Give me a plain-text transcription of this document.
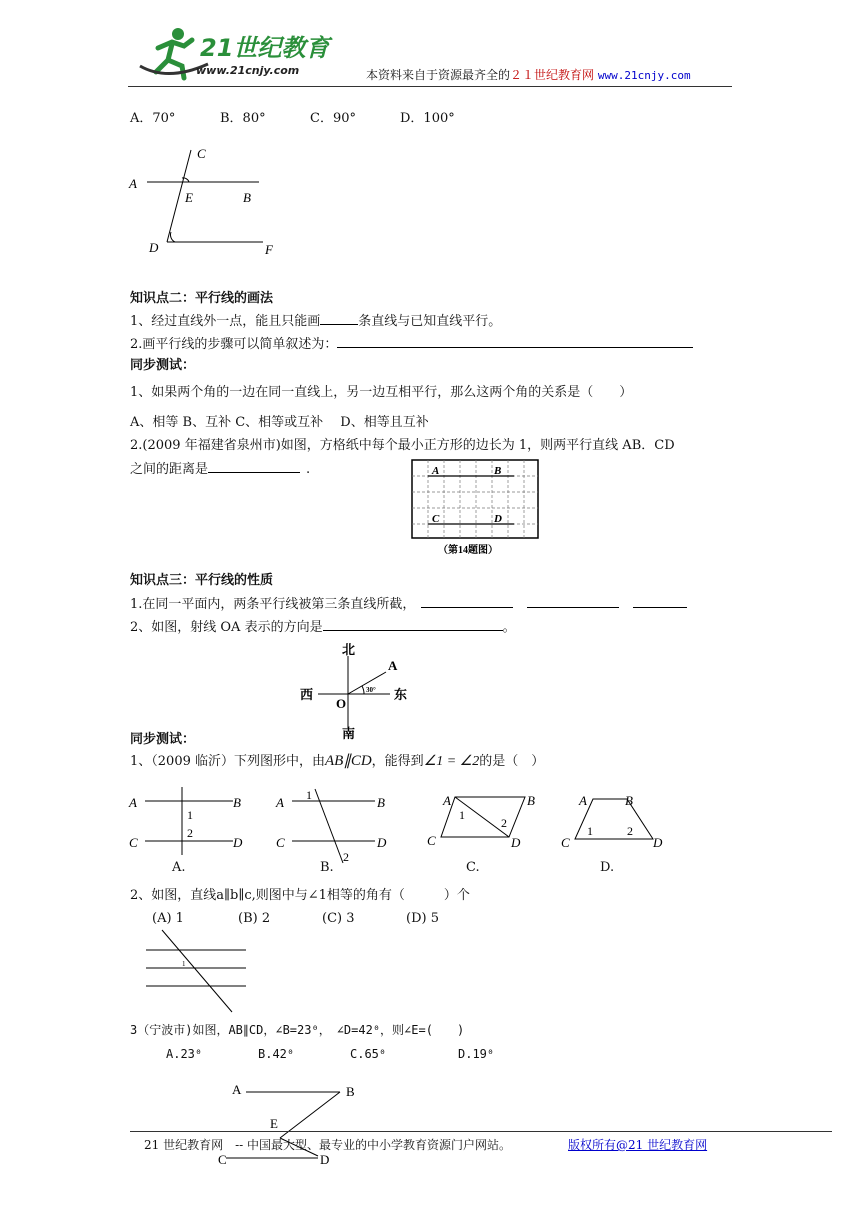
21世纪教育
www.21cnjy.com	本资料来自于资源最齐全的２１世纪教育网 www.21cnjy.com
A．70°	B．80°	C．90°	D．100°
C
A
E	B
D	F
知识点二：平行线的画法
1、经过直线外一点，能且只能画	条直线与已知直线平行。
2.画平行线的步骤可以简单叙述为：
同步测试：
1、如果两个角的一边在同一直线上，另一边互相平行，那么这两个角的关系是（　　）
A、相等 B、互补 C、相等或互补　 D、相等且互补
2.(2009 年福建省泉州市)如图，方格纸中每个最小正方形的边长为 1，则两平行直线 AB．CD
之间的距离是	.	A	B
C	D
（第14题图）
知识点三：平行线的性质
1.在同一平面内，两条平行线被第三条直线所截，
2、如图，射线 OA 表示的方向是	。
北
南
西	东
O
A
30°
同步测试：
1、（2009 临沂）下列图形中，由AB∥CD，能得到∠1 = ∠2的是（　）
A	B
C	D
1
2
A	B
C	D
1
2
A	B
C	D
1
2
A	B
C	D
1	2
A.	B.	C.	D.
2、如图，直线a∥b∥c,则图中与∠1相等的角有（　　　）个
(A) 1	(B) 2	(C) 3	(D) 5
1
3（宁波市)如图，AB∥CD，∠B=23⁰，　∠D=42⁰，则∠E=(　　)
A.23⁰	B.42⁰	C.65⁰	D.19⁰
A	B
E
C	D
21 世纪教育网　-- 中国最大型、最专业的中小学教育资源门户网站。	版权所有@21 世纪教育网
